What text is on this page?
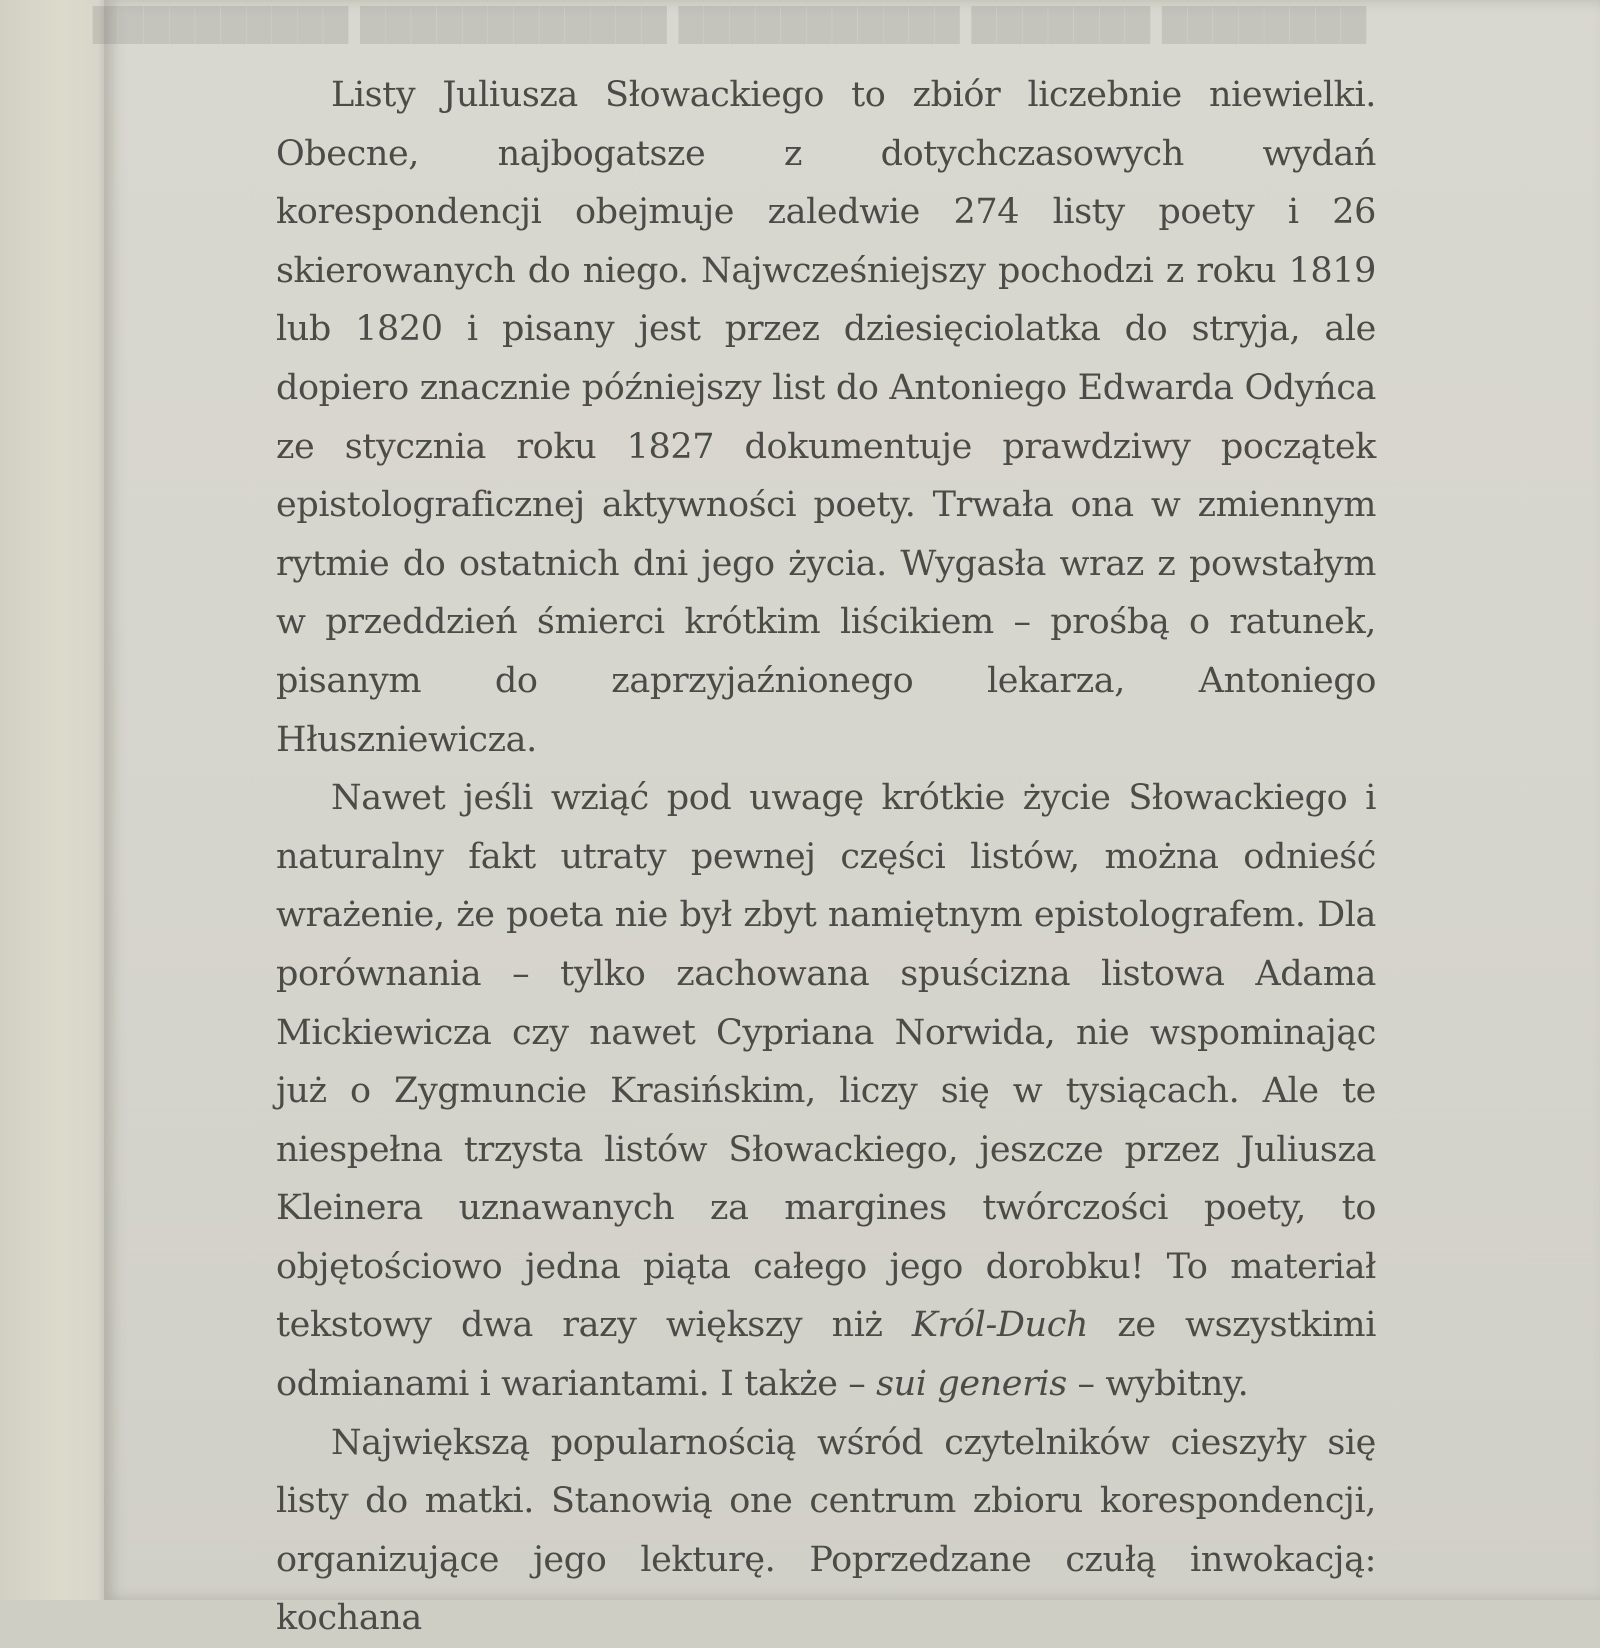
████████ ███████ ███████████ ████████████ ██████████

Listy Juliusza Słowackiego to zbiór liczebnie niewielki. Obecne, najbogatsze z dotychczasowych wydań korespondencji obejmuje zaledwie 274 listy poety i 26 skierowanych do niego. Najwcześniejszy pochodzi z roku 1819 lub 1820 i pisany jest przez dziesięciolatka do stryja, ale dopiero znacznie późniejszy list do Antoniego Edwarda Odyńca ze stycznia roku 1827 dokumentuje prawdziwy początek epistolograficznej aktywności poety. Trwała ona w zmiennym rytmie do ostatnich dni jego życia. Wygasła wraz z powstałym w przeddzień śmierci krótkim liścikiem – prośbą o ratunek, pisanym do zaprzyjaźnionego lekarza, Antoniego Hłuszniewicza.

Nawet jeśli wziąć pod uwagę krótkie życie Słowackiego i naturalny fakt utraty pewnej części listów, można odnieść wrażenie, że poeta nie był zbyt namiętnym epistolografem. Dla porównania – tylko zachowana spuścizna listowa Adama Mickiewicza czy nawet Cypriana Norwida, nie wspominając już o Zygmuncie Krasińskim, liczy się w tysiącach. Ale te niespełna trzysta listów Słowackiego, jeszcze przez Juliusza Kleinera uznawanych za margines twórczości poety, to objętościowo jedna piąta całego jego dorobku! To materiał tekstowy dwa razy większy niż Król-Duch ze wszystkimi odmianami i wariantami. I także – sui generis – wybitny.

Największą popularnością wśród czytelników cieszyły się listy do matki. Stanowią one centrum zbioru korespondencji, organizujące jego lekturę. Poprzedzane czułą inwokacją: kochana
